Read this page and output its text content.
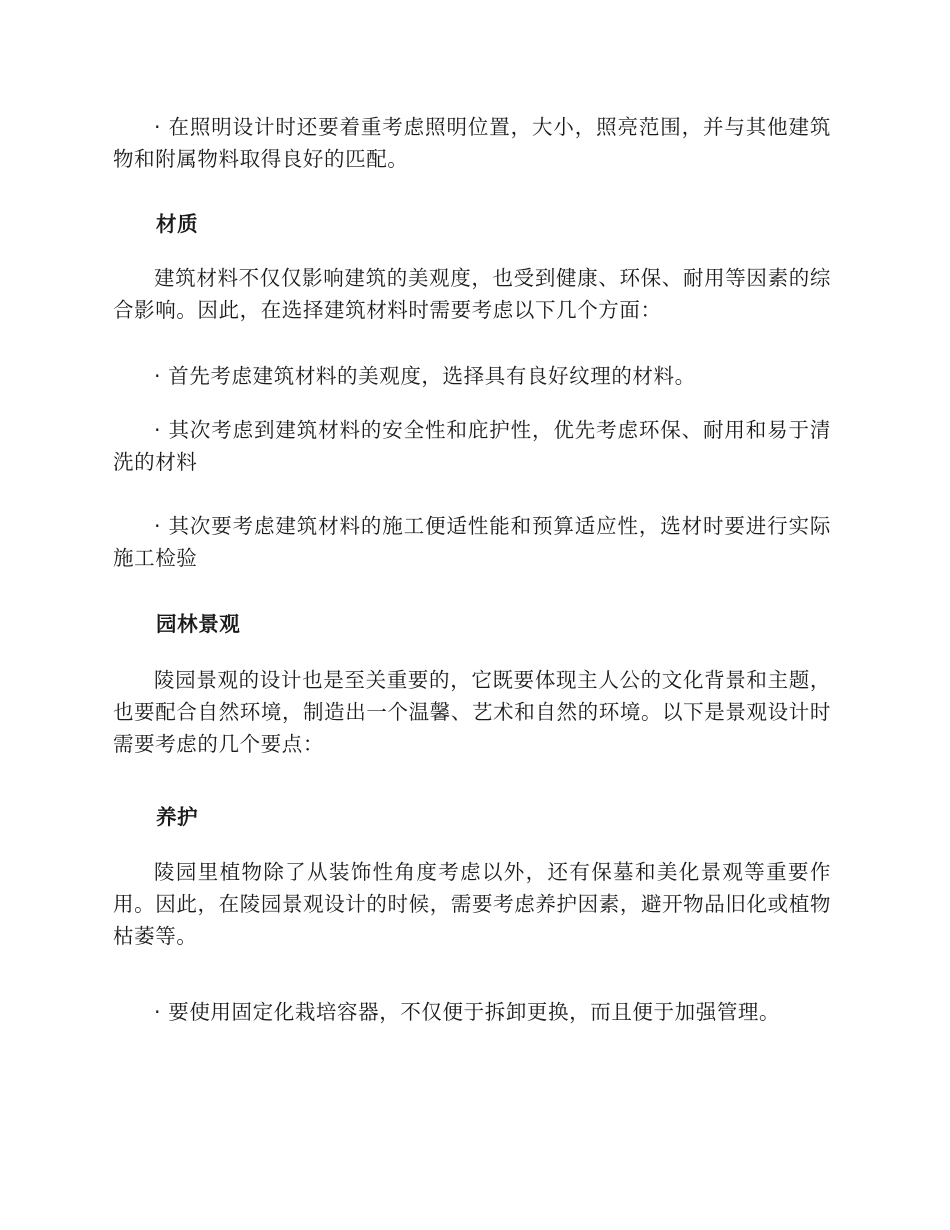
· 在照明设计时还要着重考虑照明位置，大小，照亮范围，并与其他建筑物和附属物料取得良好的匹配。

材质

建筑材料不仅仅影响建筑的美观度，也受到健康、环保、耐用等因素的综合影响。因此，在选择建筑材料时需要考虑以下几个方面：

· 首先考虑建筑材料的美观度，选择具有良好纹理的材料。

· 其次考虑到建筑材料的安全性和庇护性，优先考虑环保、耐用和易于清洗的材料

· 其次要考虑建筑材料的施工便适性能和预算适应性，选材时要进行实际施工检验

园林景观

陵园景观的设计也是至关重要的，它既要体现主人公的文化背景和主题，也要配合自然环境，制造出一个温馨、艺术和自然的环境。以下是景观设计时需要考虑的几个要点：

养护

陵园里植物除了从装饰性角度考虑以外，还有保墓和美化景观等重要作用。因此，在陵园景观设计的时候，需要考虑养护因素，避开物品旧化或植物枯萎等。

· 要使用固定化栽培容器，不仅便于拆卸更换，而且便于加强管理。
